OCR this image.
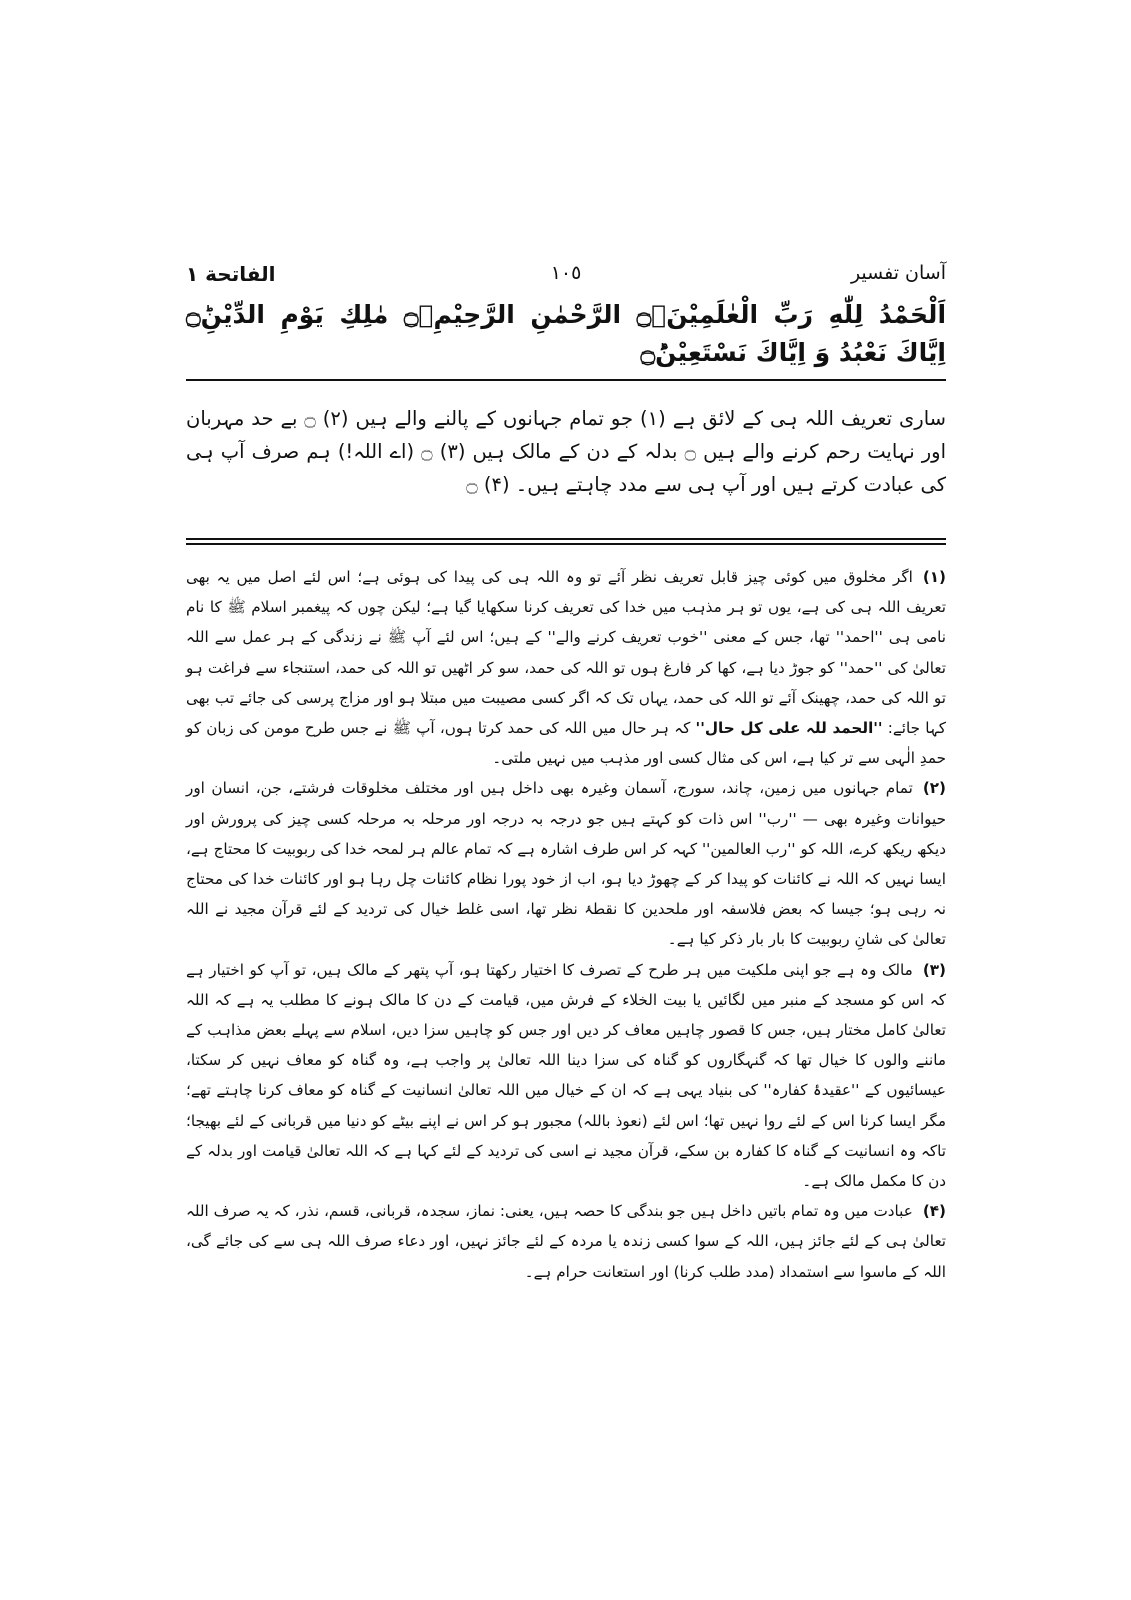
آسان تفسیر
١٠٥
الفاتحة ١
اَلْحَمْدُ لِلّٰهِ رَبِّ الْعٰلَمِیْنَۙ۝ الرَّحْمٰنِ الرَّحِیْمِۙ۝ مٰلِكِ یَوْمِ الدِّیْنِؕ۝ اِیَّاكَ نَعْبُدُ وَ اِیَّاكَ نَسْتَعِیْنُؕ۝
ساری تعریف اللہ ہی کے لائق ہے (۱) جو تمام جہانوں کے پالنے والے ہیں (۲) ۝ بے حد مہربان اور نہایت رحم کرنے والے ہیں ۝ بدلہ کے دن کے مالک ہیں (۳) ۝ (اے اللہ!) ہم صرف آپ ہی کی عبادت کرتے ہیں اور آپ ہی سے مدد چاہتے ہیں۔ (۴) ۝

(۱)اگر مخلوق میں کوئی چیز قابل تعریف نظر آئے تو وہ اللہ ہی کی پیدا کی ہوئی ہے؛ اس لئے اصل میں یہ بھی تعریف اللہ ہی کی ہے، یوں تو ہر مذہب میں خدا کی تعریف کرنا سکھایا گیا ہے؛ لیکن چوں کہ پیغمبر اسلام ﷺ کا نام نامی ہی ''احمد'' تھا، جس کے معنی ''خوب تعریف کرنے والے'' کے ہیں؛ اس لئے آپ ﷺ نے زندگی کے ہر عمل سے اللہ تعالیٰ کی ''حمد'' کو جوڑ دیا ہے، کھا کر فارغ ہوں تو اللہ کی حمد، سو کر اٹھیں تو اللہ کی حمد، استنجاء سے فراغت ہو تو اللہ کی حمد، چھینک آئے تو اللہ کی حمد، یہاں تک کہ اگر کسی مصیبت میں مبتلا ہو اور مزاج پرسی کی جائے تب بھی کہا جائے: ''الحمد للہ علی کل حال'' کہ ہر حال میں اللہ کی حمد کرتا ہوں، آپ ﷺ نے جس طرح مومن کی زبان کو حمدِ الٰہی سے تر کیا ہے، اس کی مثال کسی اور مذہب میں نہیں ملتی۔

(۲)تمام جہانوں میں زمین، چاند، سورج، آسمان وغیرہ بھی داخل ہیں اور مختلف مخلوقات فرشتے، جن، انسان اور حیوانات وغیرہ بھی — ''رب'' اس ذات کو کہتے ہیں جو درجہ بہ درجہ اور مرحلہ بہ مرحلہ کسی چیز کی پرورش اور دیکھ ریکھ کرے، اللہ کو ''رب العالمین'' کہہ کر اس طرف اشارہ ہے کہ تمام عالم ہر لمحہ خدا کی ربوبیت کا محتاج ہے، ایسا نہیں کہ اللہ نے کائنات کو پیدا کر کے چھوڑ دیا ہو، اب از خود پورا نظام کائنات چل رہا ہو اور کائنات خدا کی محتاج نہ رہی ہو؛ جیسا کہ بعض فلاسفہ اور ملحدین کا نقطۂ نظر تھا، اسی غلط خیال کی تردید کے لئے قرآن مجید نے اللہ تعالیٰ کی شانِ ربوبیت کا بار بار ذکر کیا ہے۔

(۳)مالک وہ ہے جو اپنی ملکیت میں ہر طرح کے تصرف کا اختیار رکھتا ہو، آپ پتھر کے مالک ہیں، تو آپ کو اختیار ہے کہ اس کو مسجد کے منبر میں لگائیں یا بیت الخلاء کے فرش میں، قیامت کے دن کا مالک ہونے کا مطلب یہ ہے کہ اللہ تعالیٰ کامل مختار ہیں، جس کا قصور چاہیں معاف کر دیں اور جس کو چاہیں سزا دیں، اسلام سے پہلے بعض مذاہب کے ماننے والوں کا خیال تھا کہ گنہگاروں کو گناہ کی سزا دینا اللہ تعالیٰ پر واجب ہے، وہ گناہ کو معاف نہیں کر سکتا، عیسائیوں کے ''عقیدۂ کفارہ'' کی بنیاد یہی ہے کہ ان کے خیال میں اللہ تعالیٰ انسانیت کے گناہ کو معاف کرنا چاہتے تھے؛ مگر ایسا کرنا اس کے لئے روا نہیں تھا؛ اس لئے (نعوذ باللہ) مجبور ہو کر اس نے اپنے بیٹے کو دنیا میں قربانی کے لئے بھیجا؛ تاکہ وہ انسانیت کے گناہ کا کفارہ بن سکے، قرآن مجید نے اسی کی تردید کے لئے کہا ہے کہ اللہ تعالیٰ قیامت اور بدلہ کے دن کا مکمل مالک ہے۔

(۴)عبادت میں وہ تمام باتیں داخل ہیں جو بندگی کا حصہ ہیں، یعنی: نماز، سجدہ، قربانی، قسم، نذر، کہ یہ صرف اللہ تعالیٰ ہی کے لئے جائز ہیں، اللہ کے سوا کسی زندہ یا مردہ کے لئے جائز نہیں، اور دعاء صرف اللہ ہی سے کی جائے گی، اللہ کے ماسوا سے استمداد (مدد طلب کرنا) اور استعانت حرام ہے۔
